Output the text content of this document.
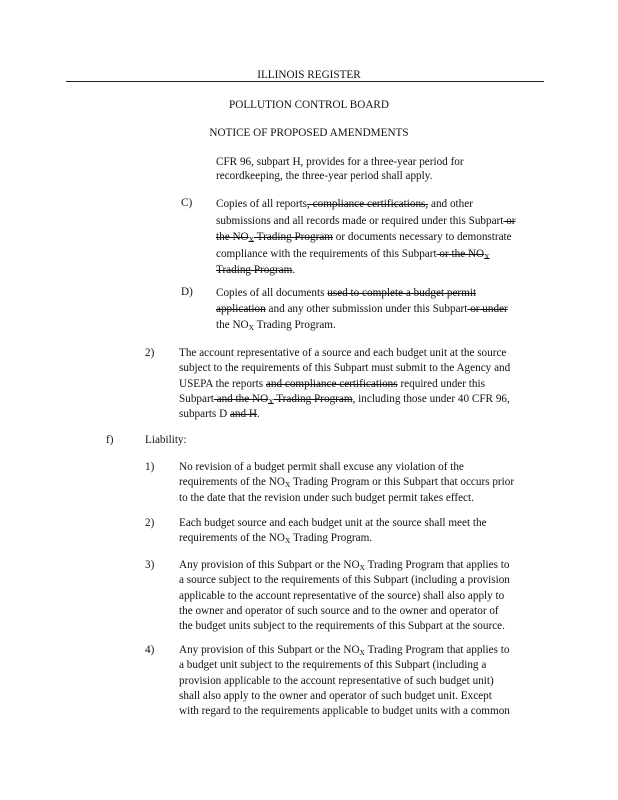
ILLINOIS REGISTER
POLLUTION CONTROL BOARD
NOTICE OF PROPOSED AMENDMENTS
CFR 96, subpart H, provides for a three-year period for
recordkeeping, the three-year period shall apply.
C) Copies of all reports, compliance certifications, and other
submissions and all records made or required under this Subpart or
the $NO_X$ Trading Program or documents necessary to demonstrate
compliance with the requirements of this Subpart or the $NO_X$
Trading Program.
D) Copies of all documents used to complete a budget permit
application and any other submission under this Subpart or under
the $NO_X$ Trading Program.
2) The account representative of a source and each budget unit at the source
subject to the requirements of this Subpart must submit to the Agency and
USEPA the reports and compliance certifications required under this
Subpart and the $NO_X$ Trading Program, including those under 40 CFR 96,
subparts D and H.
f)	Liability:
1) No revision of a budget permit shall excuse any violation of the
requirements of the $NO_X$ Trading Program or this Subpart that occurs prior
to the date that the revision under such budget permit takes effect.
2) Each budget source and each budget unit at the source shall meet the
requirements of the $NO_X$ Trading Program.
3) Any provision of this Subpart or the $NO_X$ Trading Program that applies to
a source subject to the requirements of this Subpart (including a provision
applicable to the account representative of the source) shall also apply to
the owner and operator of such source and to the owner and operator of
the budget units subject to the requirements of this Subpart at the source.
4) Any provision of this Subpart or the $NO_X$ Trading Program that applies to
a budget unit subject to the requirements of this Subpart (including a
provision applicable to the account representative of such budget unit)
shall also apply to the owner and operator of such budget unit. Except
with regard to the requirements applicable to budget units with a common
